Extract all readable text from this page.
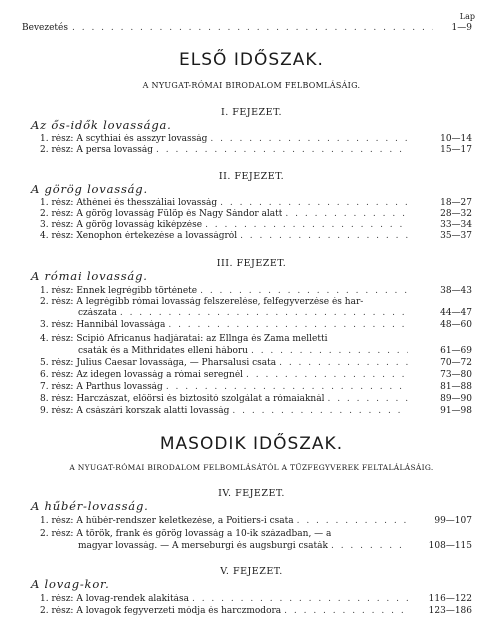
Lap
Bevezetés . . .	1—9
ELSŐ IDŐSZAK.
A NYUGAT-RÓMAI BIRODALOM FELBOMLÁSÁIG.
I. FEJEZET.
Az ős-idők lovassága.
1. rész: A scythiai és asszyr lovasság . . .	10—14
2. rész: A persa lovasság . . .	15—17
II. FEJEZET.
A görög lovasság.
1. rész: Athénei és thesszáliai lovasság . . .	18—27
2. rész: A görög lovasság Fülöp és Nagy Sándor alatt . . .	28—32
3. rész: A görög lovasság kiképzése . . .	33—34
4. rész: Xenophon értekezése a lovasságról . . .	35—37
III. FEJEZET.
A római lovasság.
1. rész: Ennek legrégibb története . . .	38—43
2. rész: A legrégibb római lovasság felszerelése, felfegyverzése és har-
czászata . . .	44—47
3. rész: Hannibál lovassága . . .	48—60
4. rész: Scipió Africanus hadjáratai: az Ellnga és Zama melletti
csaták és a Mithridates elleni háboru . . .	61—69
5. rész: Julius Caesar lovassága, — Pharsalusi csata . . .	70—72
6. rész: Az idegen lovasság a római seregnél . . .	73—80
7. rész: A Parthus lovasság . . .	81—88
8. rész: Harczászat, előörsi és biztositó szolgálat a rómaiaknál . . .	89—90
9. rész: A császári korszak alatti lovasság . . .	91—98
MASODIK IDŐSZAK.
A NYUGAT-RÓMAI BIRODALOM FELBOMLÁSÁTÓL A TŰZFEGYVEREK FELTALÁLÁSÁIG.
IV. FEJEZET.
A hűbér-lovasság.
1. rész: A hűbér-rendszer keletkezése, a Poitiers-i csata . . .	99—107
2. rész: A török, frank és görög lovasság a 10-ik században, — a
magyar lovasság. — A merseburgi és augsburgi csaták . . .	108—115
V. FEJEZET.
A lovag-kor.
1. rész: A lovag-rendek alakitása . . .	116—122
2. rész: A lovagok fegyverzeti módja és harczmodora . . .	123—186
